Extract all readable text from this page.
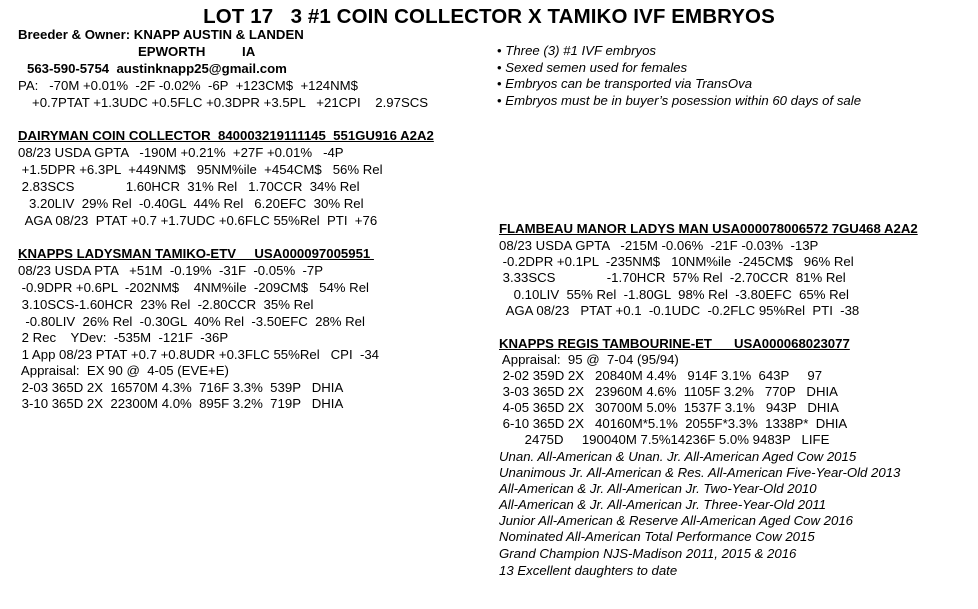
LOT 17   3 #1 COIN COLLECTOR X TAMIKO IVF EMBRYOS
Breeder & Owner: KNAPP AUSTIN & LANDEN
EPWORTH          IA
563-590-5754  austinknapp25@gmail.com
PA:   -70M +0.01%  -2F -0.02%  -6P  +123CM$  +124NM$
+0.7PTAT +1.3UDC +0.5FLC +0.3DPR +3.5PL   +21CPI    2.97SCS
• Three (3) #1 IVF embryos
• Sexed semen used for females
• Embryos can be transported via TransOva
• Embryos must be in buyer’s posession within 60 days of sale
DAIRYMAN COIN COLLECTOR  840003219111145  551GU916 A2A2
08/23 USDA GPTA   -190M +0.21%  +27F +0.01%   -4P
+1.5DPR +6.3PL  +449NM$   95NM%ile  +454CM$   56% Rel
2.83SCS              1.60HCR  31% Rel   1.70CCR  34% Rel
3.20LIV  29% Rel  -0.40GL  44% Rel   6.20EFC  30% Rel
AGA 08/23  PTAT +0.7 +1.7UDC +0.6FLC 55%Rel  PTI  +76
KNAPPS LADYSMAN TAMIKO-ETV     USA000097005951
08/23 USDA PTA   +51M  -0.19%  -31F  -0.05%  -7P
-0.9DPR +0.6PL  -202NM$    4NM%ile  -209CM$   54% Rel
3.10SCS-1.60HCR  23% Rel  -2.80CCR  35% Rel
-0.80LIV  26% Rel  -0.30GL  40% Rel  -3.50EFC  28% Rel
2 Rec    YDev:  -535M  -121F  -36P
1 App 08/23 PTAT +0.7 +0.8UDR +0.3FLC 55%Rel   CPI  -34
Appraisal:  EX 90 @  4-05 (EVE+E)
2-03 365D 2X  16570M 4.3%  716F 3.3%  539P   DHIA
3-10 365D 2X  22300M 4.0%  895F 3.2%  719P   DHIA
FLAMBEAU MANOR LADYS MAN USA000078006572 7GU468 A2A2
08/23 USDA GPTA   -215M -0.06%  -21F -0.03%  -13P
-0.2DPR +0.1PL  -235NM$   10NM%ile  -245CM$   96% Rel
3.33SCS              -1.70HCR  57% Rel  -2.70CCR  81% Rel
0.10LIV  55% Rel  -1.80GL  98% Rel  -3.80EFC  65% Rel
AGA 08/23   PTAT +0.1  -0.1UDC  -0.2FLC 95%Rel  PTI  -38
KNAPPS REGIS TAMBOURINE-ET      USA000068023077
Appraisal:  95 @  7-04 (95/94)
2-02 359D 2X   20840M 4.4%   914F 3.1%  643P     97
3-03 365D 2X   23960M 4.6%  1105F 3.2%   770P   DHIA
4-05 365D 2X   30700M 5.0%  1537F 3.1%   943P   DHIA
6-10 365D 2X   40160M*5.1%  2055F*3.3%  1338P*  DHIA
2475D     190040M 7.5%14236F 5.0% 9483P   LIFE
Unan. All-American & Unan. Jr. All-American Aged Cow 2015
Unanimous Jr. All-American & Res. All-American Five-Year-Old 2013
All-American & Jr. All-American Jr. Two-Year-Old 2010
All-American & Jr. All-American Jr. Three-Year-Old 2011
Junior All-American & Reserve All-American Aged Cow 2016
Nominated All-American Total Performance Cow 2015
Grand Champion NJS-Madison 2011, 2015 & 2016
13 Excellent daughters to date
